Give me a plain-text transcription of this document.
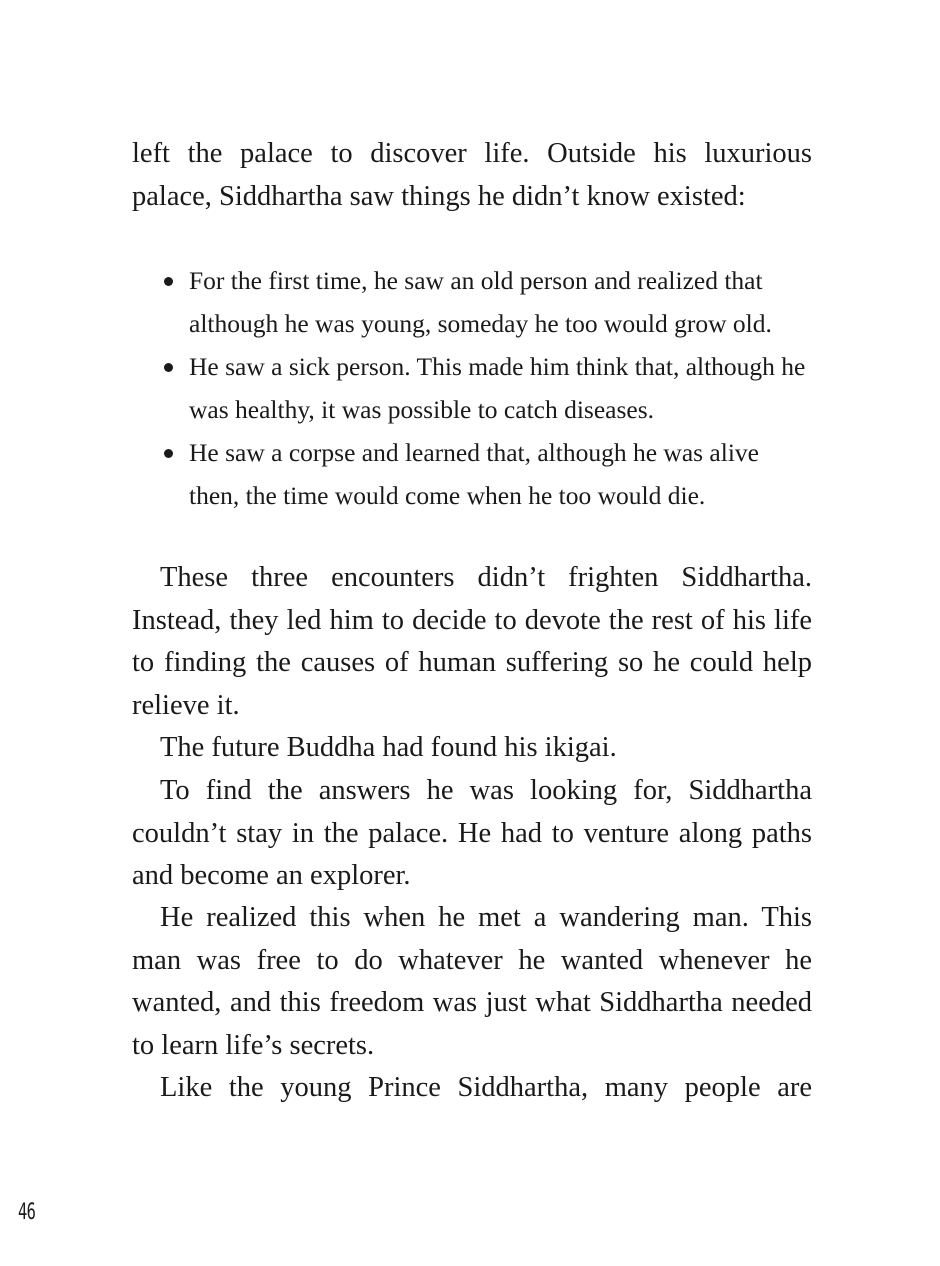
left the palace to discover life. Outside his luxurious palace, Siddhartha saw things he didn’t know existed:

For the first time, he saw an old person and realized that although he was young, someday he too would grow old.
He saw a sick person. This made him think that, although he was healthy, it was possible to catch diseases.
He saw a corpse and learned that, although he was alive then, the time would come when he too would die.

These three encounters didn’t frighten Siddhartha. Instead, they led him to decide to devote the rest of his life to finding the causes of human suffering so he could help relieve it.

The future Buddha had found his ikigai.

To find the answers he was looking for, Siddhartha couldn’t stay in the palace. He had to venture along paths and become an explorer.

He realized this when he met a wandering man. This man was free to do whatever he wanted whenever he wanted, and this freedom was just what Siddhartha needed to learn life’s secrets.

Like the young Prince Siddhartha, many people are

46
